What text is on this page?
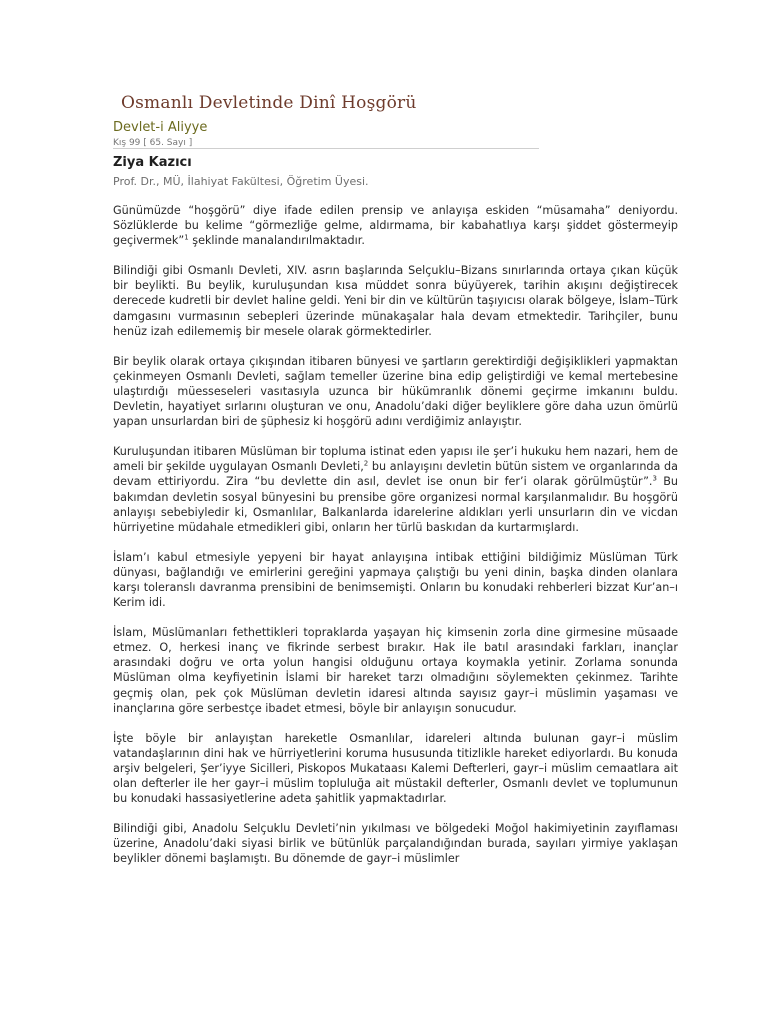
Osmanlı Devletinde Dinî Hoşgörü
Devlet-i Aliyye
Kış 99 [ 65. Sayı ]
Ziya Kazıcı
Prof. Dr., MÜ, İlahiyat Fakültesi, Öğretim Üyesi.

Günümüzde “hoşgörü” diye ifade edilen prensip ve anlayışa eskiden “müsamaha” deniyordu. Sözlüklerde bu kelime “görmezliğe gelme, aldırmama, bir kabahatlıya karşı şiddet göstermeyip geçivermek”$^1$ şeklinde manalandırılmaktadır.

Bilindiği gibi Osmanlı Devleti, XIV. asrın başlarında Selçuklu–Bizans sınırlarında ortaya çıkan küçük bir beylikti. Bu beylik, kuruluşundan kısa müddet sonra büyüyerek, tarihin akışını değiştirecek derecede kudretli bir devlet haline geldi. Yeni bir din ve kültürün taşıyıcısı olarak bölgeye, İslam–Türk damgasını vurmasının sebepleri üzerinde münakaşalar hala devam etmektedir. Tarihçiler, bunu henüz izah edilememiş bir mesele olarak görmektedirler.

Bir beylik olarak ortaya çıkışından itibaren bünyesi ve şartların gerektirdiği değişiklikleri yapmaktan çekinmeyen Osmanlı Devleti, sağlam temeller üzerine bina edip geliştirdiği ve kemal mertebesine ulaştırdığı müesseseleri vasıtasıyla uzunca bir hükümranlık dönemi geçirme imkanını buldu. Devletin, hayatiyet sırlarını oluşturan ve onu, Anadolu’daki diğer beyliklere göre daha uzun ömürlü yapan unsurlardan biri de şüphesiz ki hoşgörü adını verdiğimiz anlayıştır.

Kuruluşundan itibaren Müslüman bir topluma istinat eden yapısı ile şer’i hukuku hem nazari, hem de ameli bir şekilde uygulayan Osmanlı Devleti,$^2$ bu anlayışını devletin bütün sistem ve organlarında da devam ettiriyordu. Zira “bu devlette din asıl, devlet ise onun bir fer’i olarak görülmüştür”.$^3$ Bu bakımdan devletin sosyal bünyesini bu prensibe göre organizesi normal karşılanmalıdır. Bu hoşgörü anlayışı sebebiyledir ki, Osmanlılar, Balkanlarda idarelerine aldıkları yerli unsurların din ve vicdan hürriyetine müdahale etmedikleri gibi, onların her türlü baskıdan da kurtarmışlardı.

İslam’ı kabul etmesiyle yepyeni bir hayat anlayışına intibak ettiğini bildiğimiz Müslüman Türk dünyası, bağlandığı ve emirlerini gereğini yapmaya çalıştığı bu yeni dinin, başka dinden olanlara karşı toleranslı davranma prensibini de benimsemişti. Onların bu konudaki rehberleri bizzat Kur’an–ı Kerim idi.

İslam, Müslümanları fethettikleri topraklarda yaşayan hiç kimsenin zorla dine girmesine müsaade etmez. O, herkesi inanç ve fikrinde serbest bırakır. Hak ile batıl arasındaki farkları, inançlar arasındaki doğru ve orta yolun hangisi olduğunu ortaya koymakla yetinir. Zorlama sonunda Müslüman olma keyfiyetinin İslami bir hareket tarzı olmadığını söylemekten çekinmez. Tarihte geçmiş olan, pek çok Müslüman devletin idaresi altında sayısız gayr–i müslimin yaşaması ve inançlarına göre serbestçe ibadet etmesi, böyle bir anlayışın sonucudur.

İşte böyle bir anlayıştan hareketle Osmanlılar, idareleri altında bulunan gayr–i müslim vatandaşlarının dini hak ve hürriyetlerini koruma hususunda titizlikle hareket ediyorlardı. Bu konuda arşiv belgeleri, Şer’iyye Sicilleri, Piskopos Mukataası Kalemi Defterleri, gayr–i müslim cemaatlara ait olan defterler ile her gayr–i müslim topluluğa ait müstakil defterler, Osmanlı devlet ve toplumunun bu konudaki hassasiyetlerine adeta şahitlik yapmaktadırlar.

Bilindiği gibi, Anadolu Selçuklu Devleti’nin yıkılması ve bölgedeki Moğol hakimiyetinin zayıflaması üzerine, Anadolu’daki siyasi birlik ve bütünlük parçalandığından burada, sayıları yirmiye yaklaşan beylikler dönemi başlamıştı. Bu dönemde de gayr–i müslimler
